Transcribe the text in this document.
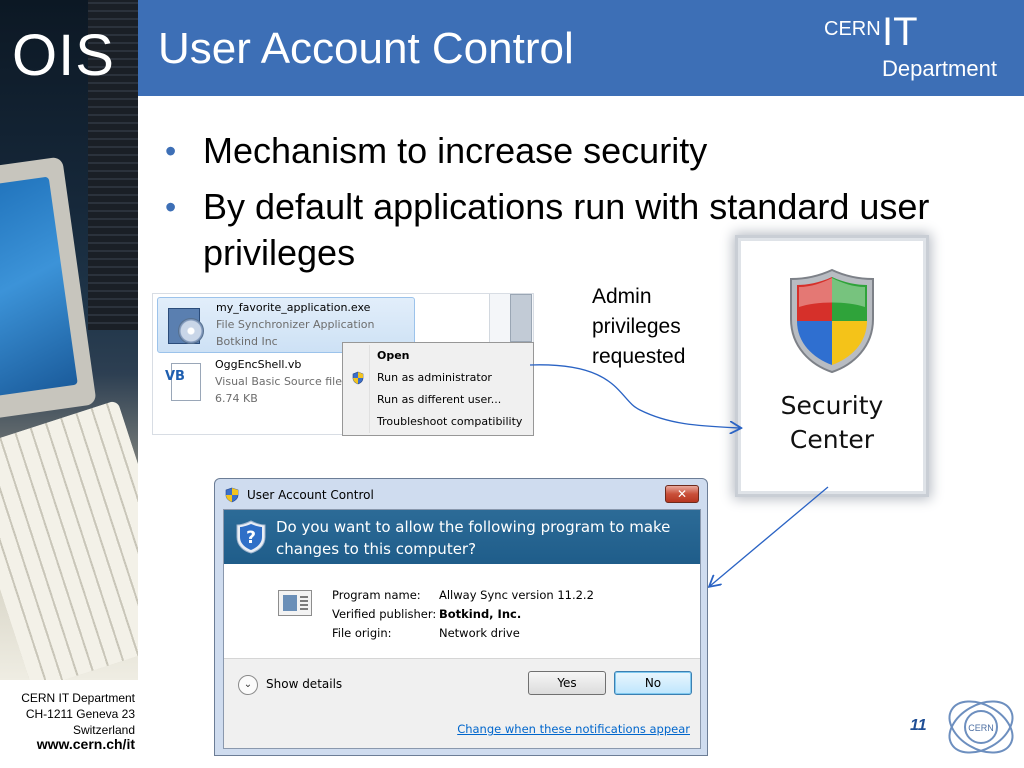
OIS
CERN IT Department
CH-1211 Geneva 23
Switzerland
www.cern.ch/it
User Account Control	CERN IT
Department
• Mechanism to increase security
• By default applications run with standard user privileges
my_favorite_application.exe
File Synchronizer Application
Botkind Inc
VB
OggEncShell.vb
Visual Basic Source file
6.74 KB
Open
Run as administrator
Run as different user...
Troubleshoot compatibility
Admin
privileges
requested
Security
Center
User Account Control	✕
?
Do you want to allow the following program to make changes to this computer?
Program name: Allway Sync version 11.2.2
Verified publisher: Botkind, Inc.
File origin:	Network drive
⌄	Show details	Yes	No
Change when these notifications appear	11	CERN
